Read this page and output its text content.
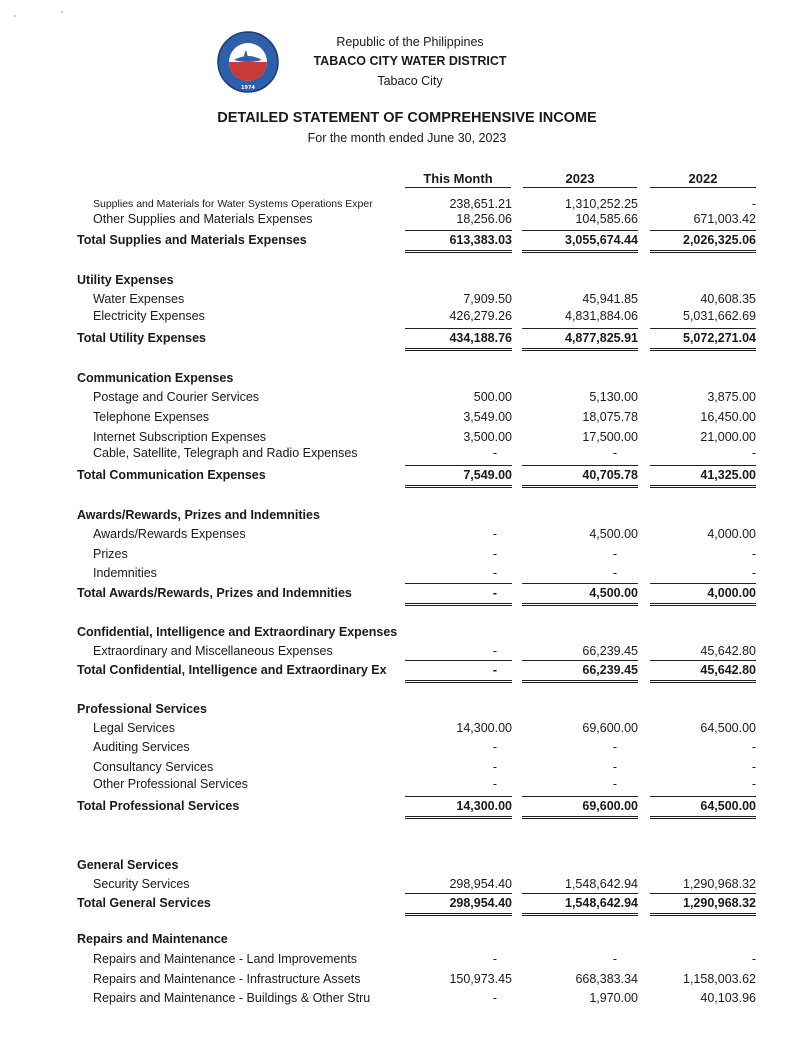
1974
Republic of the Philippines
TABACO CITY WATER DISTRICT
Tabaco City
DETAILED STATEMENT OF COMPREHENSIVE INCOME
For the month ended June 30, 2023
This Month	2023	2022
Supplies and Materials for Water Systems Operations Exper	238,651.21	1,310,252.25	-
Other Supplies and Materials Expenses	18,256.06	104,585.66	671,003.42
Total Supplies and Materials Expenses	613,383.03	3,055,674.44	2,026,325.06
Utility Expenses
Water Expenses	7,909.50	45,941.85	40,608.35
Electricity Expenses	426,279.26	4,831,884.06	5,031,662.69
Total Utility Expenses	434,188.76	4,877,825.91	5,072,271.04
Communication Expenses
Postage and Courier Services	500.00	5,130.00	3,875.00
Telephone Expenses	3,549.00	18,075.78	16,450.00
Internet Subscription Expenses	3,500.00	17,500.00	21,000.00
Cable, Satellite, Telegraph and Radio Expenses	-	-	-
Total Communication Expenses	7,549.00	40,705.78	41,325.00
Awards/Rewards, Prizes and Indemnities
Awards/Rewards Expenses	-	4,500.00	4,000.00
Prizes	-	-	-
Indemnities	-	-	-
Total Awards/Rewards, Prizes and Indemnities	-	4,500.00	4,000.00
Confidential, Intelligence and Extraordinary Expenses
Extraordinary and Miscellaneous Expenses	-	66,239.45	45,642.80
Total Confidential, Intelligence and Extraordinary Ex	-	66,239.45	45,642.80
Professional Services
Legal Services	14,300.00	69,600.00	64,500.00
Auditing Services	-	-	-
Consultancy Services	-	-	-
Other Professional Services	-	-	-
Total Professional Services	14,300.00	69,600.00	64,500.00
General Services
Security Services	298,954.40	1,548,642.94	1,290,968.32
Total General Services	298,954.40	1,548,642.94	1,290,968.32
Repairs and Maintenance
Repairs and Maintenance - Land Improvements	-	-	-
Repairs and Maintenance - Infrastructure Assets	150,973.45	668,383.34	1,158,003.62
Repairs and Maintenance - Buildings & Other Stru	-	1,970.00	40,103.96
